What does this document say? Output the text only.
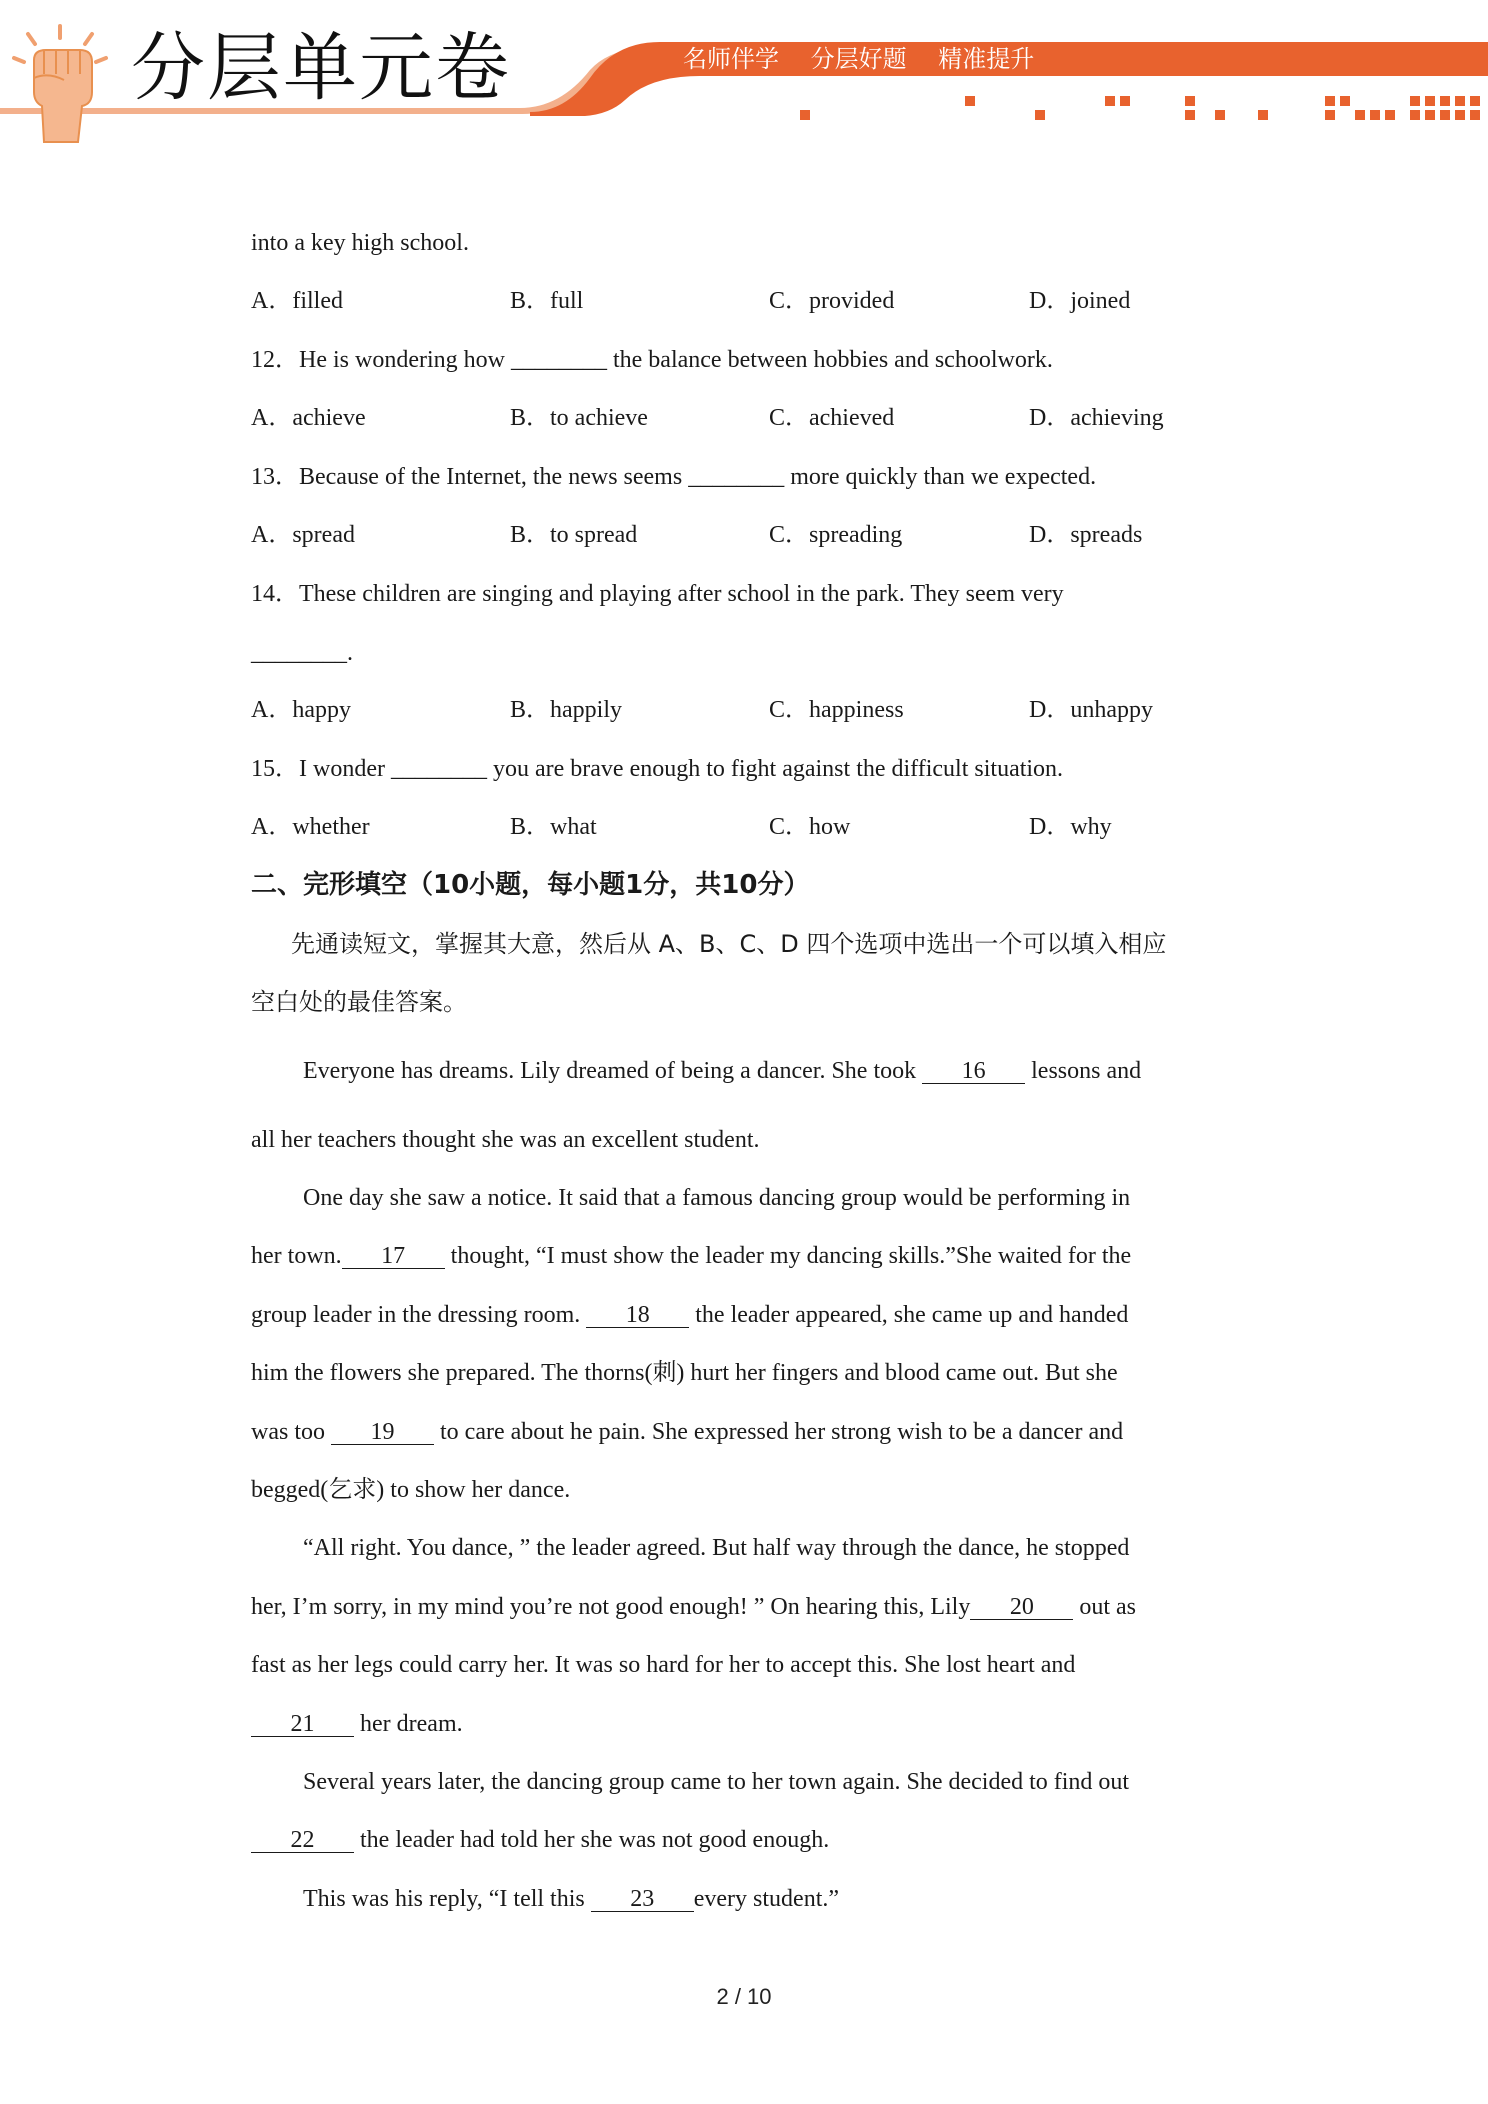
分层单元卷	名师伴学 分层好题 精准提升
into a key high school.
A．filled	B．full	C．provided	D．joined
12．He is wondering how ________ the balance between hobbies and schoolwork.
A．achieve	B．to achieve	C．achieved	D．achieving
13．Because of the Internet, the news seems ________ more quickly than we expected.
A．spread	B．to spread	C．spreading	D．spreads
14．These children are singing and playing after school in the park. They seem very
________.
A．happy	B．happily	C．happiness	D．unhappy
15．I wonder ________ you are brave enough to fight against the difficult situation.
A．whether	B．what	C．how	D．why
二、完形填空（10小题，每小题1分，共10分）
先通读短文，掌握其大意，然后从 A、B、C、D 四个选项中选出一个可以填入相应
空白处的最佳答案。
Everyone has dreams. Lily dreamed of being a dancer. She took 16 lessons and
all her teachers thought she was an excellent student.
One day she saw a notice. It said that a famous dancing group would be performing in
her town. 17 thought, “I must show the leader my dancing skills.”She waited for the
group leader in the dressing room. 18 the leader appeared, she came up and handed
him the flowers she prepared. The thorns(刺) hurt her fingers and blood came out. But she
was too 19 to care about he pain. She expressed her strong wish to be a dancer and
begged(乞求) to show her dance.
“All right. You dance, ” the leader agreed. But half way through the dance, he stopped
her, I’m sorry, in my mind you’re not good enough! ” On hearing this, Lily 20 out as
fast as her legs could carry her. It was so hard for her to accept this. She lost heart and
21 her dream.
Several years later, the dancing group came to her town again. She decided to find out
22 the leader had told her she was not good enough.
This was his reply, “I tell this 23 every student.”
2 / 10
